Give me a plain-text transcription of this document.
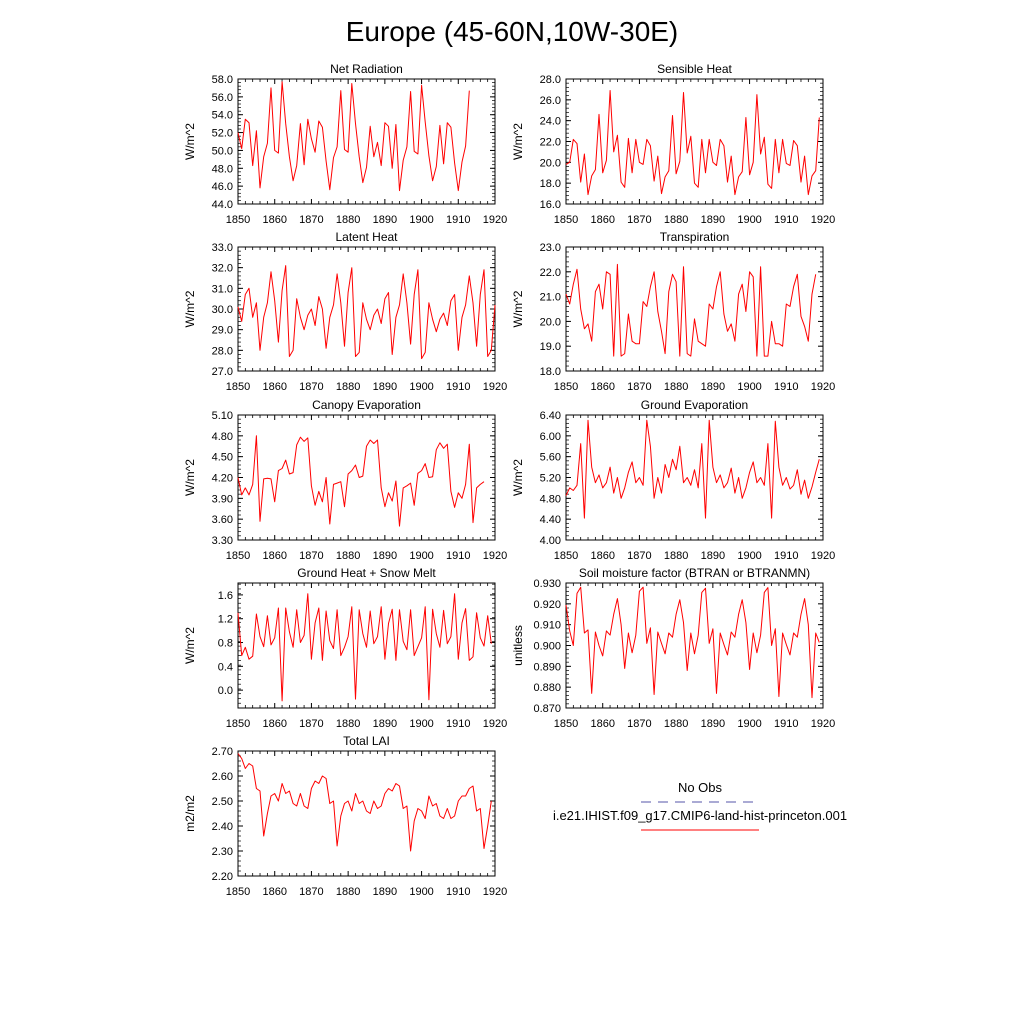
Europe (45-60N,10W-30E)
Net Radiation
W/m^2
1850 1860 1870 1880 1890 1900 1910 1920
44.0
46.0
48.0
50.0
52.0
54.0
56.0
58.0
Sensible Heat
W/m^2
1850 1860 1870 1880 1890 1900 1910 1920
16.0
18.0
20.0
22.0
24.0
26.0
28.0
Latent Heat
W/m^2
1850 1860 1870 1880 1890 1900 1910 1920
27.0
28.0
29.0
30.0
31.0
32.0
33.0
Transpiration
W/m^2
1850 1860 1870 1880 1890 1900 1910 1920
18.0
19.0
20.0
21.0
22.0
23.0
Canopy Evaporation
W/m^2
1850 1860 1870 1880 1890 1900 1910 1920
3.30
3.60
3.90
4.20
4.50
4.80
5.10
Ground Evaporation
W/m^2
1850 1860 1870 1880 1890 1900 1910 1920
4.00
4.40
4.80
5.20
5.60
6.00
6.40
Ground Heat + Snow Melt
W/m^2
1850 1860 1870 1880 1890 1900 1910 1920
0.0
0.4
0.8
1.2
1.6
Soil moisture factor (BTRAN or BTRANMN)
unitless
1850 1860 1870 1880 1890 1900 1910 1920
0.870
0.880
0.890
0.900
0.910
0.920
0.930
Total LAI
m2/m2
1850 1860 1870 1880 1890 1900 1910 1920
2.20
2.30
2.40
2.50
2.60
2.70
No Obs
i.e21.IHIST.f09_g17.CMIP6-land-hist-princeton.001
